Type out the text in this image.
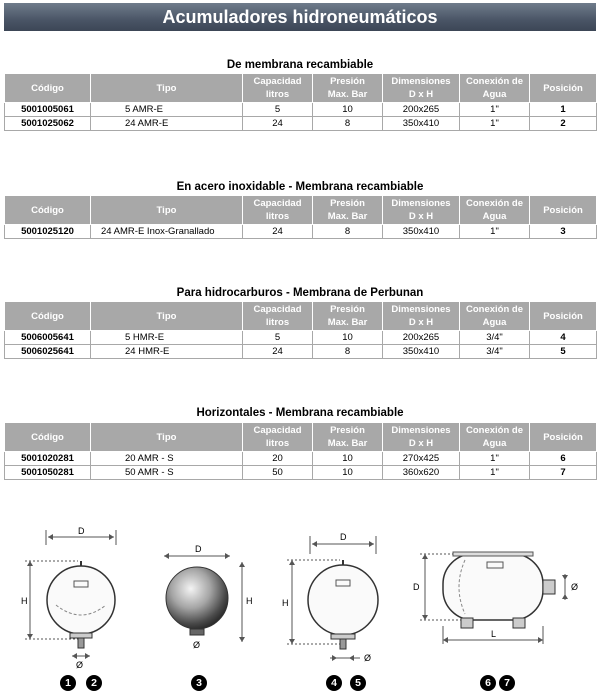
Acumuladores hidroneumáticos
De membrana recambiable
Código	Tipo	Capacidad
litros	Presión
Max. Bar	Dimensiones
D x H	Conexión de
Agua	Posición
5001005061	5 AMR-E	5	10	200x265	1"	1
5001025062	24 AMR-E	24	8	350x410	1"	2
En acero inoxidable - Membrana recambiable
Código	Tipo	Capacidad
litros	Presión
Max. Bar	Dimensiones
D x H	Conexión de
Agua	Posición
5001025120	24 AMR-E Inox-Granallado	24	8	350x410	1"	3
Para hidrocarburos - Membrana de Perbunan
Código	Tipo	Capacidad
litros	Presión
Max. Bar	Dimensiones
D x H	Conexión de
Agua	Posición
5006005641	5 HMR-E	5	10	200x265	3/4"	4
5006025641	24 HMR-E	24	8	350x410	3/4"	5
Horizontales - Membrana recambiable
Código	Tipo	Capacidad
litros	Presión
Max. Bar	Dimensiones
D x H	Conexión de
Agua	Posición
5001020281	20 AMR - S	20	10	270x425	1"	6
5001050281	50 AMR - S	50	10	360x620	1"	7
D
H
Ø
D
H
Ø
D
H
Ø
D	Ø
L
1	2	3	4	5	6	7
